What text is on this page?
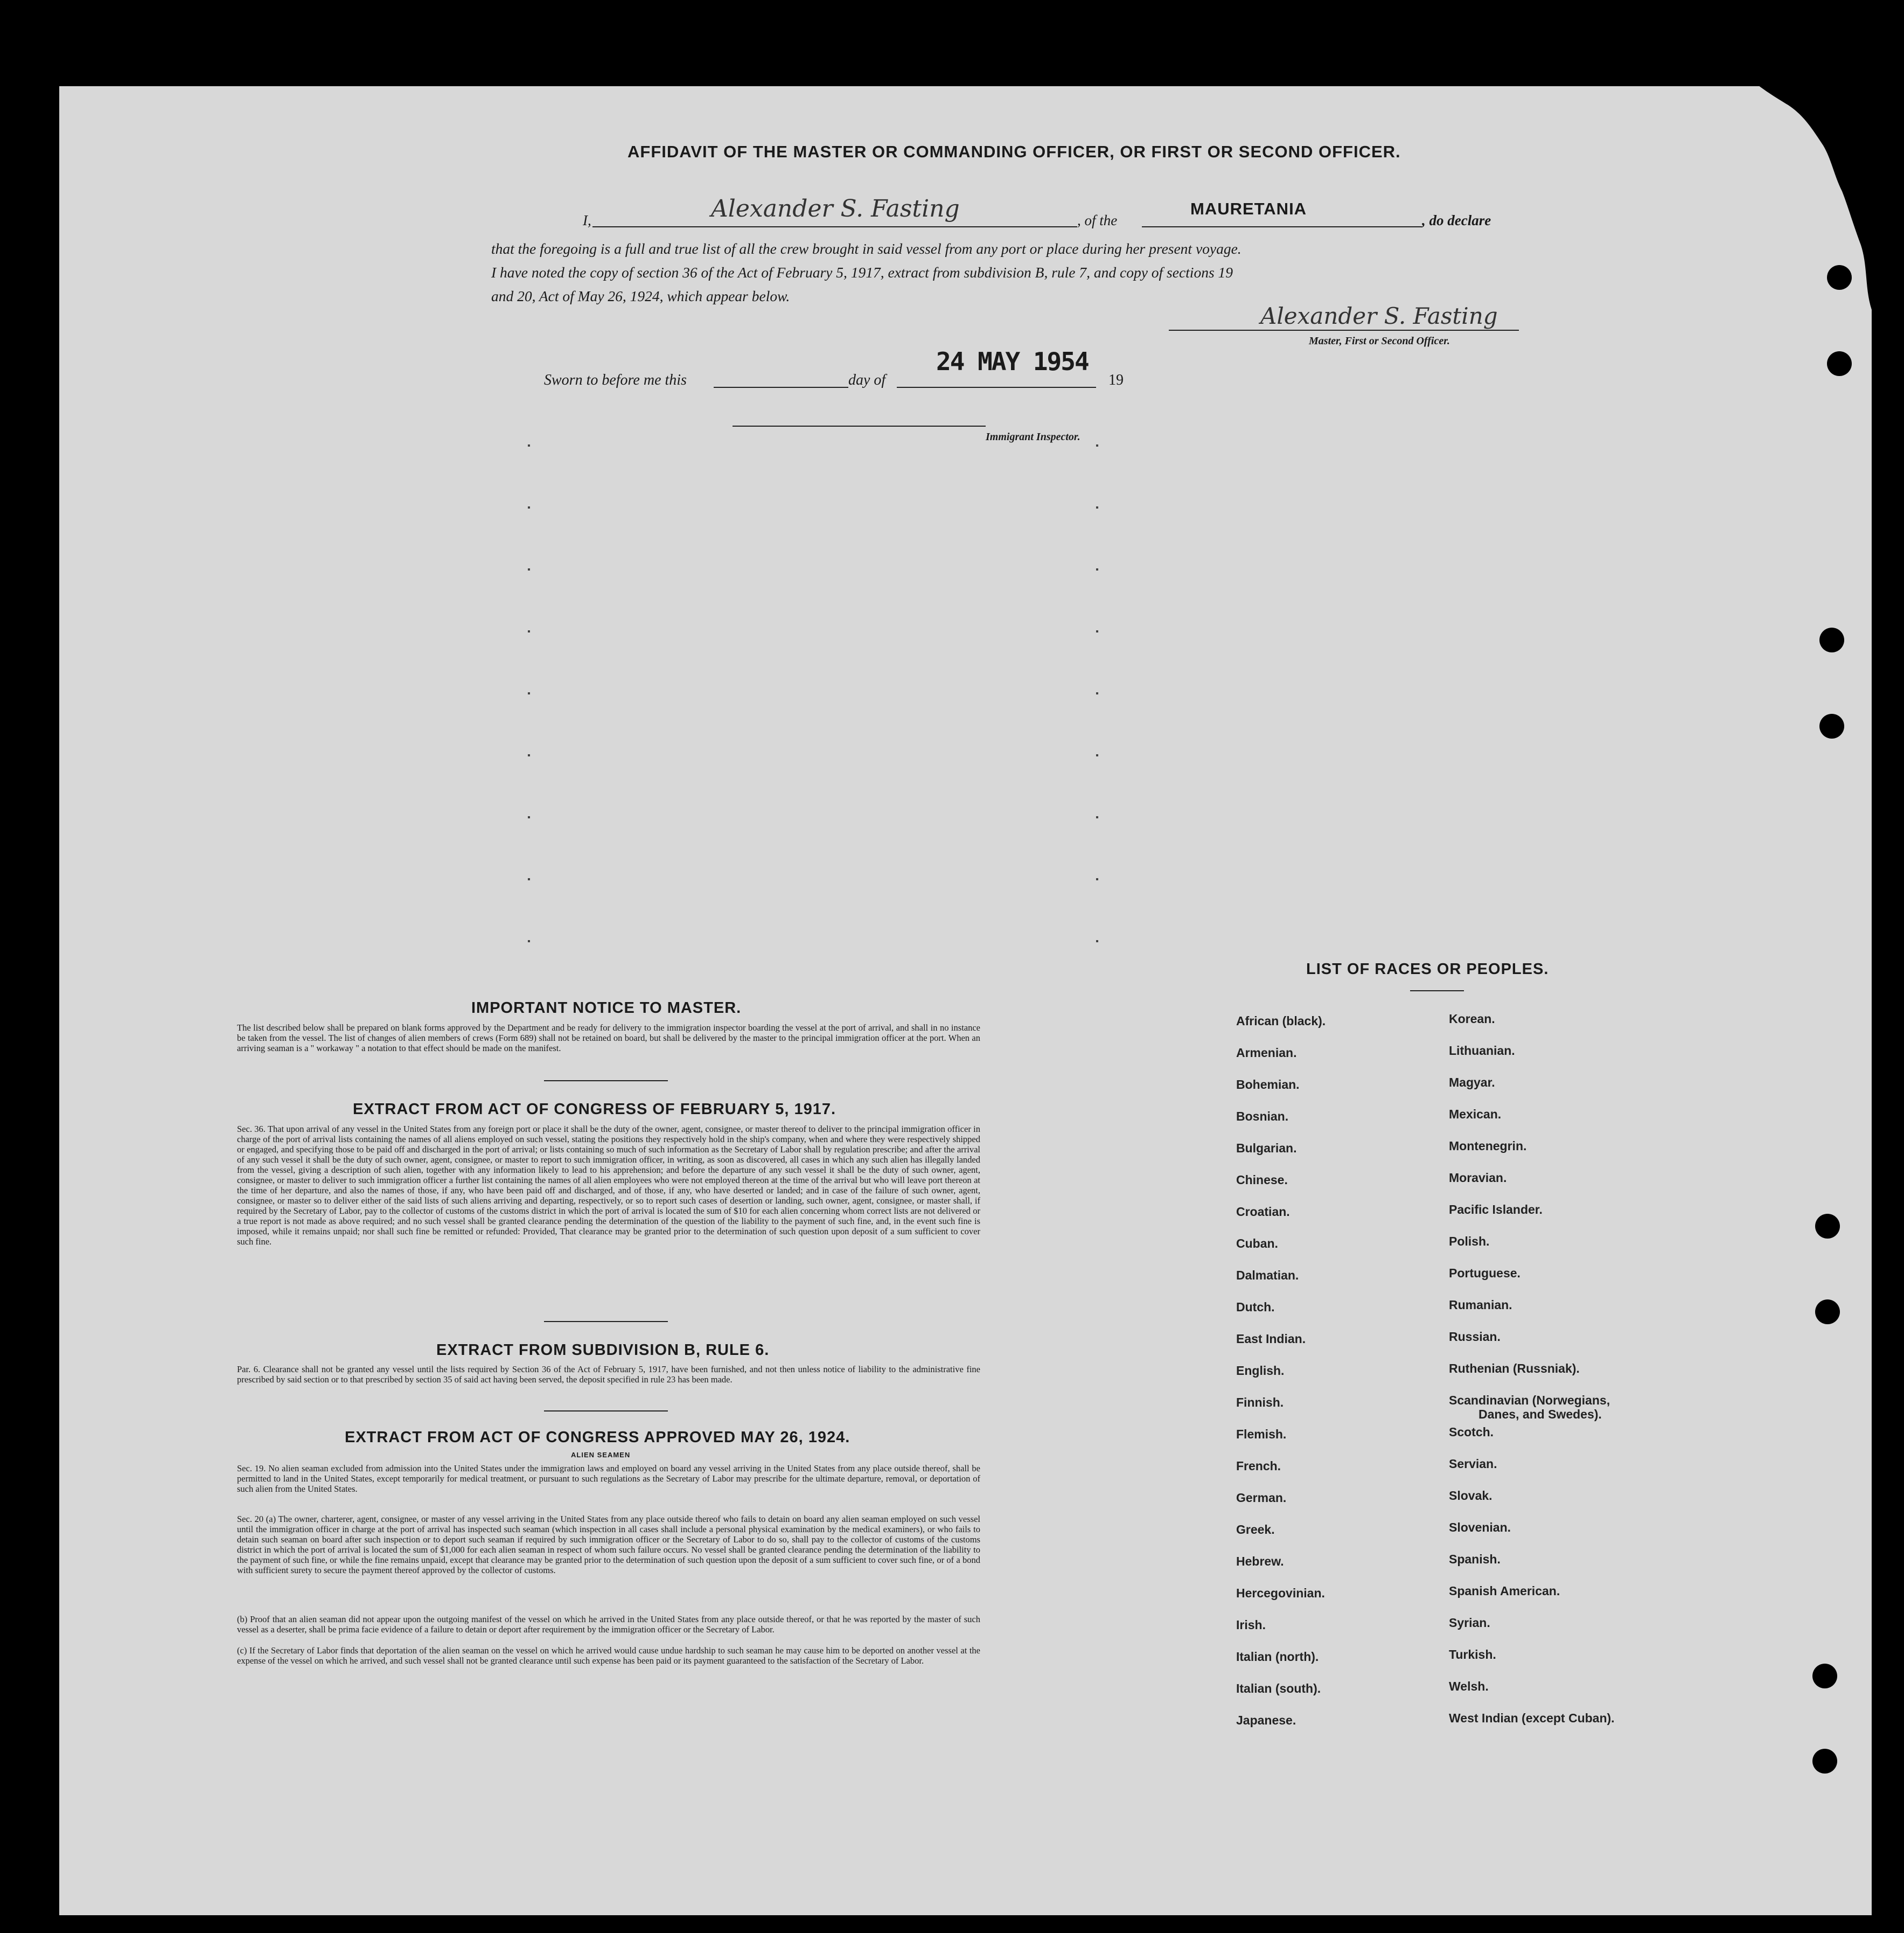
AFFIDAVIT OF THE MASTER OR COMMANDING OFFICER, OR FIRST OR SECOND OFFICER.
I,	Alexander S. Fasting	, of the
MAURETANIA
, do declare
that the foregoing is a full and true list of all the crew brought in said vessel from any port or place during her present voyage.
I have noted the copy of section 36 of the Act of February 5, 1917, extract from subdivision B, rule 7, and copy of sections 19
and 20, Act of May 26, 1924, which appear below.
Alexander S. Fasting
Master, First or Second Officer.
Sworn to before me this	day of
24 MAY 1954
19
Immigrant Inspector.
IMPORTANT NOTICE TO MASTER.
The list described below shall be prepared on blank forms approved by the Department and be ready for delivery to the immigration inspector boarding the vessel at the port of arrival, and shall in no instance be taken from the vessel. The list of changes of alien members of crews (Form 689) shall not be retained on board, but shall be delivered by the master to the principal immigration officer at the port. When an arriving seaman is a " workaway " a notation to that effect should be made on the manifest.
EXTRACT FROM ACT OF CONGRESS OF FEBRUARY 5, 1917.
Sec. 36. That upon arrival of any vessel in the United States from any foreign port or place it shall be the duty of the owner, agent, consignee, or master thereof to deliver to the principal immigration officer in charge of the port of arrival lists containing the names of all aliens employed on such vessel, stating the positions they respectively hold in the ship's company, when and where they were respectively shipped or engaged, and specifying those to be paid off and discharged in the port of arrival; or lists containing so much of such information as the Secretary of Labor shall by regulation prescribe; and after the arrival of any such vessel it shall be the duty of such owner, agent, consignee, or master to report to such immigration officer, in writing, as soon as discovered, all cases in which any such alien has illegally landed from the vessel, giving a description of such alien, together with any information likely to lead to his apprehension; and before the departure of any such vessel it shall be the duty of such owner, agent, consignee, or master to deliver to such immigration officer a further list containing the names of all alien employees who were not employed thereon at the time of the arrival but who will leave port thereon at the time of her departure, and also the names of those, if any, who have been paid off and discharged, and of those, if any, who have deserted or landed; and in case of the failure of such owner, agent, consignee, or master so to deliver either of the said lists of such aliens arriving and departing, respectively, or so to report such cases of desertion or landing, such owner, agent, consignee, or master shall, if required by the Secretary of Labor, pay to the collector of customs of the customs district in which the port of arrival is located the sum of $10 for each alien concerning whom correct lists are not delivered or a true report is not made as above required; and no such vessel shall be granted clearance pending the determination of the question of the liability to the payment of such fine, and, in the event such fine is imposed, while it remains unpaid; nor shall such fine be remitted or refunded: Provided, That clearance may be granted prior to the determination of such question upon deposit of a sum sufficient to cover such fine.
EXTRACT FROM SUBDIVISION B, RULE 6.
Par. 6. Clearance shall not be granted any vessel until the lists required by Section 36 of the Act of February 5, 1917, have been furnished, and not then unless notice of liability to the administrative fine prescribed by said section or to that prescribed by section 35 of said act having been served, the deposit specified in rule 23 has been made.
EXTRACT FROM ACT OF CONGRESS APPROVED MAY 26, 1924.
ALIEN SEAMEN
Sec. 19. No alien seaman excluded from admission into the United States under the immigration laws and employed on board any vessel arriving in the United States from any place outside thereof, shall be permitted to land in the United States, except temporarily for medical treatment, or pursuant to such regulations as the Secretary of Labor may prescribe for the ultimate departure, removal, or deportation of such alien from the United States.
Sec. 20 (a) The owner, charterer, agent, consignee, or master of any vessel arriving in the United States from any place outside thereof who fails to detain on board any alien seaman employed on such vessel until the immigration officer in charge at the port of arrival has inspected such seaman (which inspection in all cases shall include a personal physical examination by the medical examiners), or who fails to detain such seaman on board after such inspection or to deport such seaman if required by such immigration officer or the Secretary of Labor to do so, shall pay to the collector of customs of the customs district in which the port of arrival is located the sum of $1,000 for each alien seaman in respect of whom such failure occurs. No vessel shall be granted clearance pending the determination of the liability to the payment of such fine, or while the fine remains unpaid, except that clearance may be granted prior to the determination of such question upon the deposit of a sum sufficient to cover such fine, or of a bond with sufficient surety to secure the payment thereof approved by the collector of customs.
(b) Proof that an alien seaman did not appear upon the outgoing manifest of the vessel on which he arrived in the United States from any place outside thereof, or that he was reported by the master of such vessel as a deserter, shall be prima facie evidence of a failure to detain or deport after requirement by the immigration officer or the Secretary of Labor.
(c) If the Secretary of Labor finds that deportation of the alien seaman on the vessel on which he arrived would cause undue hardship to such seaman he may cause him to be deported on another vessel at the expense of the vessel on which he arrived, and such vessel shall not be granted clearance until such expense has been paid or its payment guaranteed to the satisfaction of the Secretary of Labor.
LIST OF RACES OR PEOPLES.
African (black).
Armenian.
Bohemian.
Bosnian.
Bulgarian.
Chinese.
Croatian.
Cuban.
Dalmatian.
Dutch.
East Indian.
English.
Finnish.
Flemish.
French.
German.
Greek.
Hebrew.
Hercegovinian.
Irish.
Italian (north).
Italian (south).
Japanese.
Korean.
Lithuanian.
Magyar.
Mexican.
Montenegrin.
Moravian.
Pacific Islander.
Polish.
Portuguese.
Rumanian.
Russian.
Ruthenian (Russniak).
Scandinavian (Norwegians,
Danes, and Swedes).
Scotch.
Servian.
Slovak.
Slovenian.
Spanish.
Spanish American.
Syrian.
Turkish.
Welsh.
West Indian (except Cuban).
